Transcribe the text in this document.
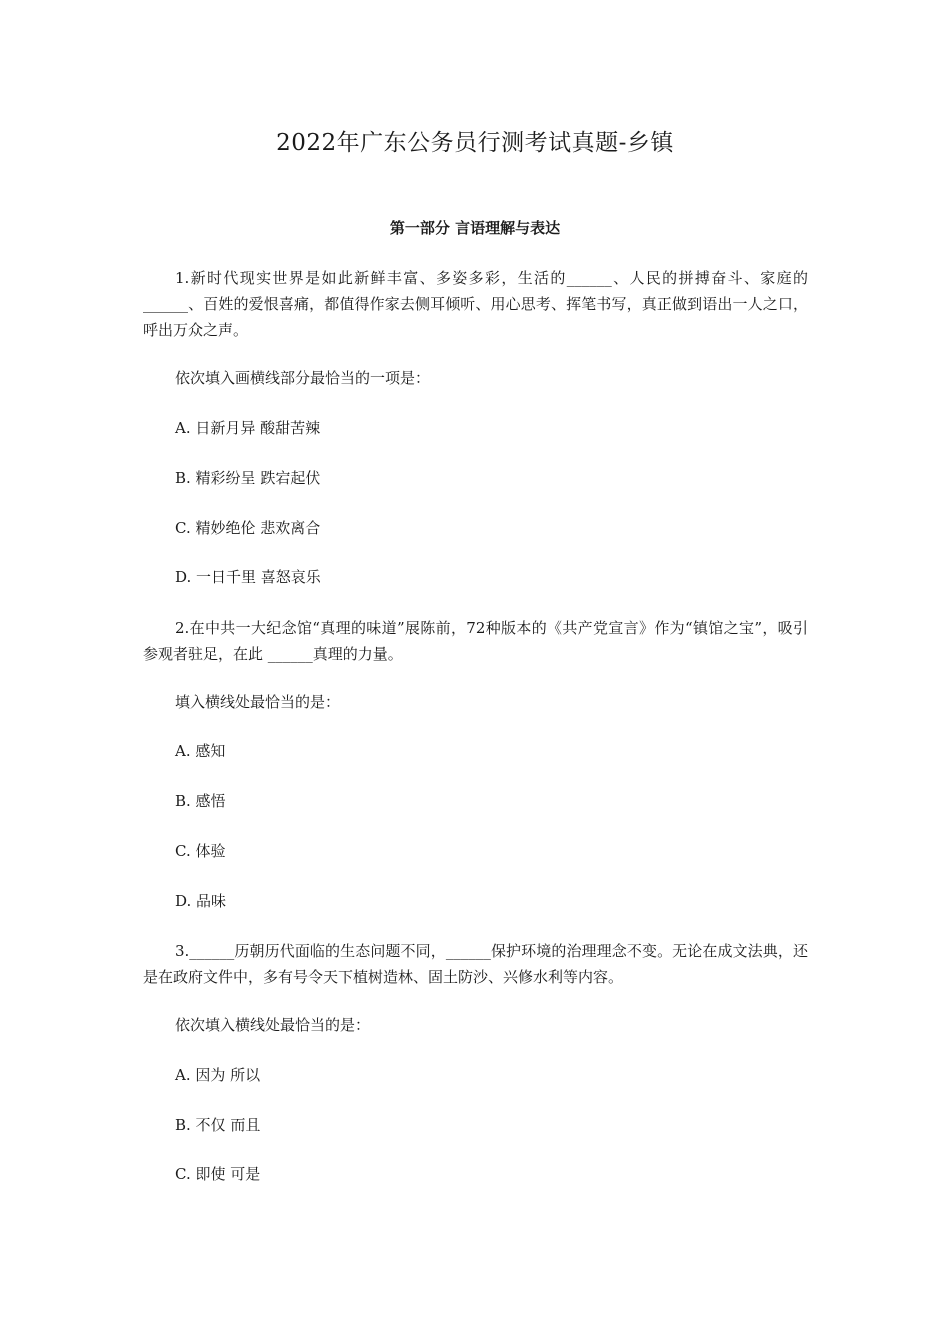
2022年广东公务员行测考试真题-乡镇
第一部分 言语理解与表达
1.新时代现实世界是如此新鲜丰富、多姿多彩，生活的______、人民的拼搏奋斗、家庭的______、百姓的爱恨喜痛，都值得作家去侧耳倾听、用心思考、挥笔书写，真正做到语出一人之口，呼出万众之声。
依次填入画横线部分最恰当的一项是：
A. 日新月异 酸甜苦辣
B. 精彩纷呈 跌宕起伏
C. 精妙绝伦 悲欢离合
D. 一日千里 喜怒哀乐
2.在中共一大纪念馆“真理的味道”展陈前，72种版本的《共产党宣言》作为“镇馆之宝”，吸引参观者驻足，在此 ______真理的力量。
填入横线处最恰当的是：
A. 感知
B. 感悟
C. 体验
D. 品味
3.______历朝历代面临的生态问题不同，______保护环境的治理理念不变。无论在成文法典，还是在政府文件中，多有号令天下植树造林、固土防沙、兴修水利等内容。
依次填入横线处最恰当的是：
A. 因为 所以
B. 不仅 而且
C. 即使 可是
